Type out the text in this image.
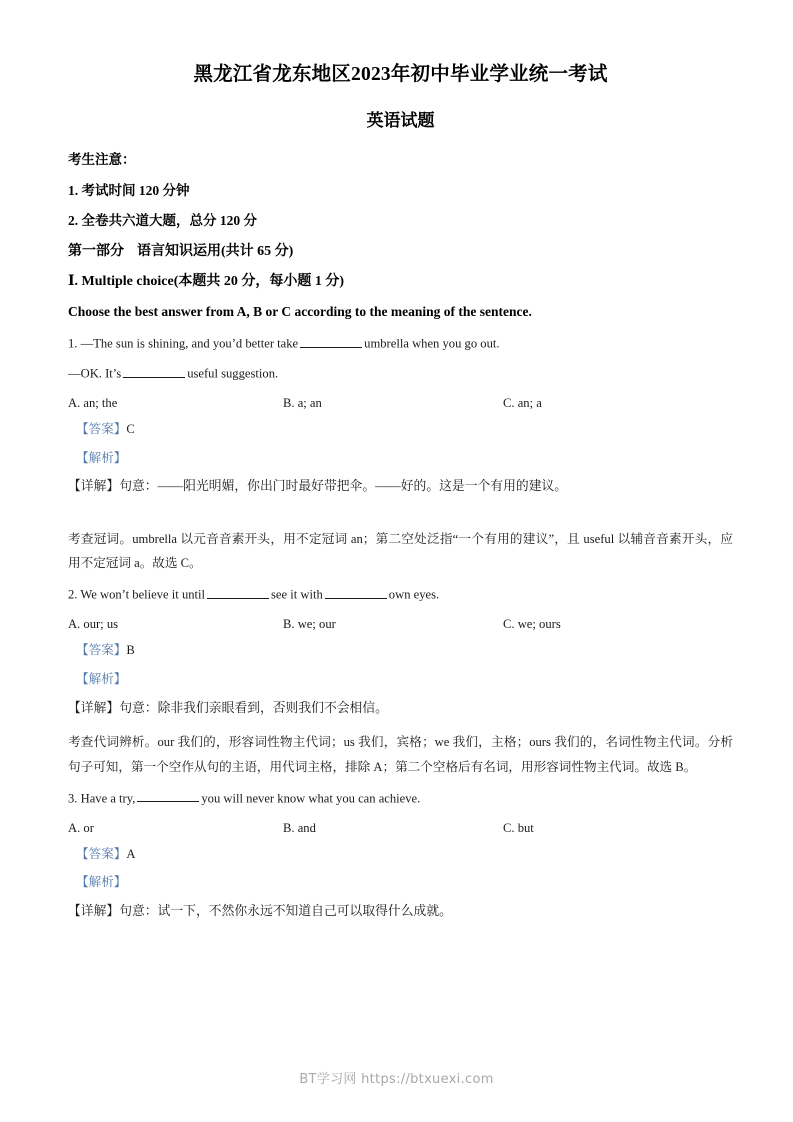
黑龙江省龙东地区2023年初中毕业学业统一考试
英语试题

考生注意：

1. 考试时间 120 分钟

2. 全卷共六道大题，总分 120 分

第一部分 语言知识运用(共计 65 分)

Ⅰ. Multiple choice(本题共 20 分，每小题 1 分)

Choose the best answer from A, B or C according to the meaning of the sentence.

1. —The sun is shining, and you’d better take	umbrella when you go out.

—OK. It’s	useful suggestion.

A. an; the	B. a; an	C. an; a

【答案】C

【解析】

【详解】句意：——阳光明媚，你出门时最好带把伞。——好的。这是一个有用的建议。

考查冠词。umbrella 以元音音素开头，用不定冠词 an；第二空处泛指“一个有用的建议”，且 useful 以辅音音素开头，应用不定冠词 a。故选 C。

2. We won’t believe it until	see it with	own eyes.

A. our; us	B. we; our	C. we; ours

【答案】B

【解析】

【详解】句意：除非我们亲眼看到，否则我们不会相信。

考查代词辨析。our 我们的，形容词性物主代词；us 我们，宾格；we 我们，主格；ours 我们的，名词性物主代词。分析句子可知，第一个空作从句的主语，用代词主格，排除 A；第二个空格后有名词，用形容词性物主代词。故选 B。

3. Have a try,	you will never know what you can achieve.

A. or	B. and	C. but

【答案】A

【解析】

【详解】句意：试一下，不然你永远不知道自己可以取得什么成就。

BT学习网 https://btxuexi.com
